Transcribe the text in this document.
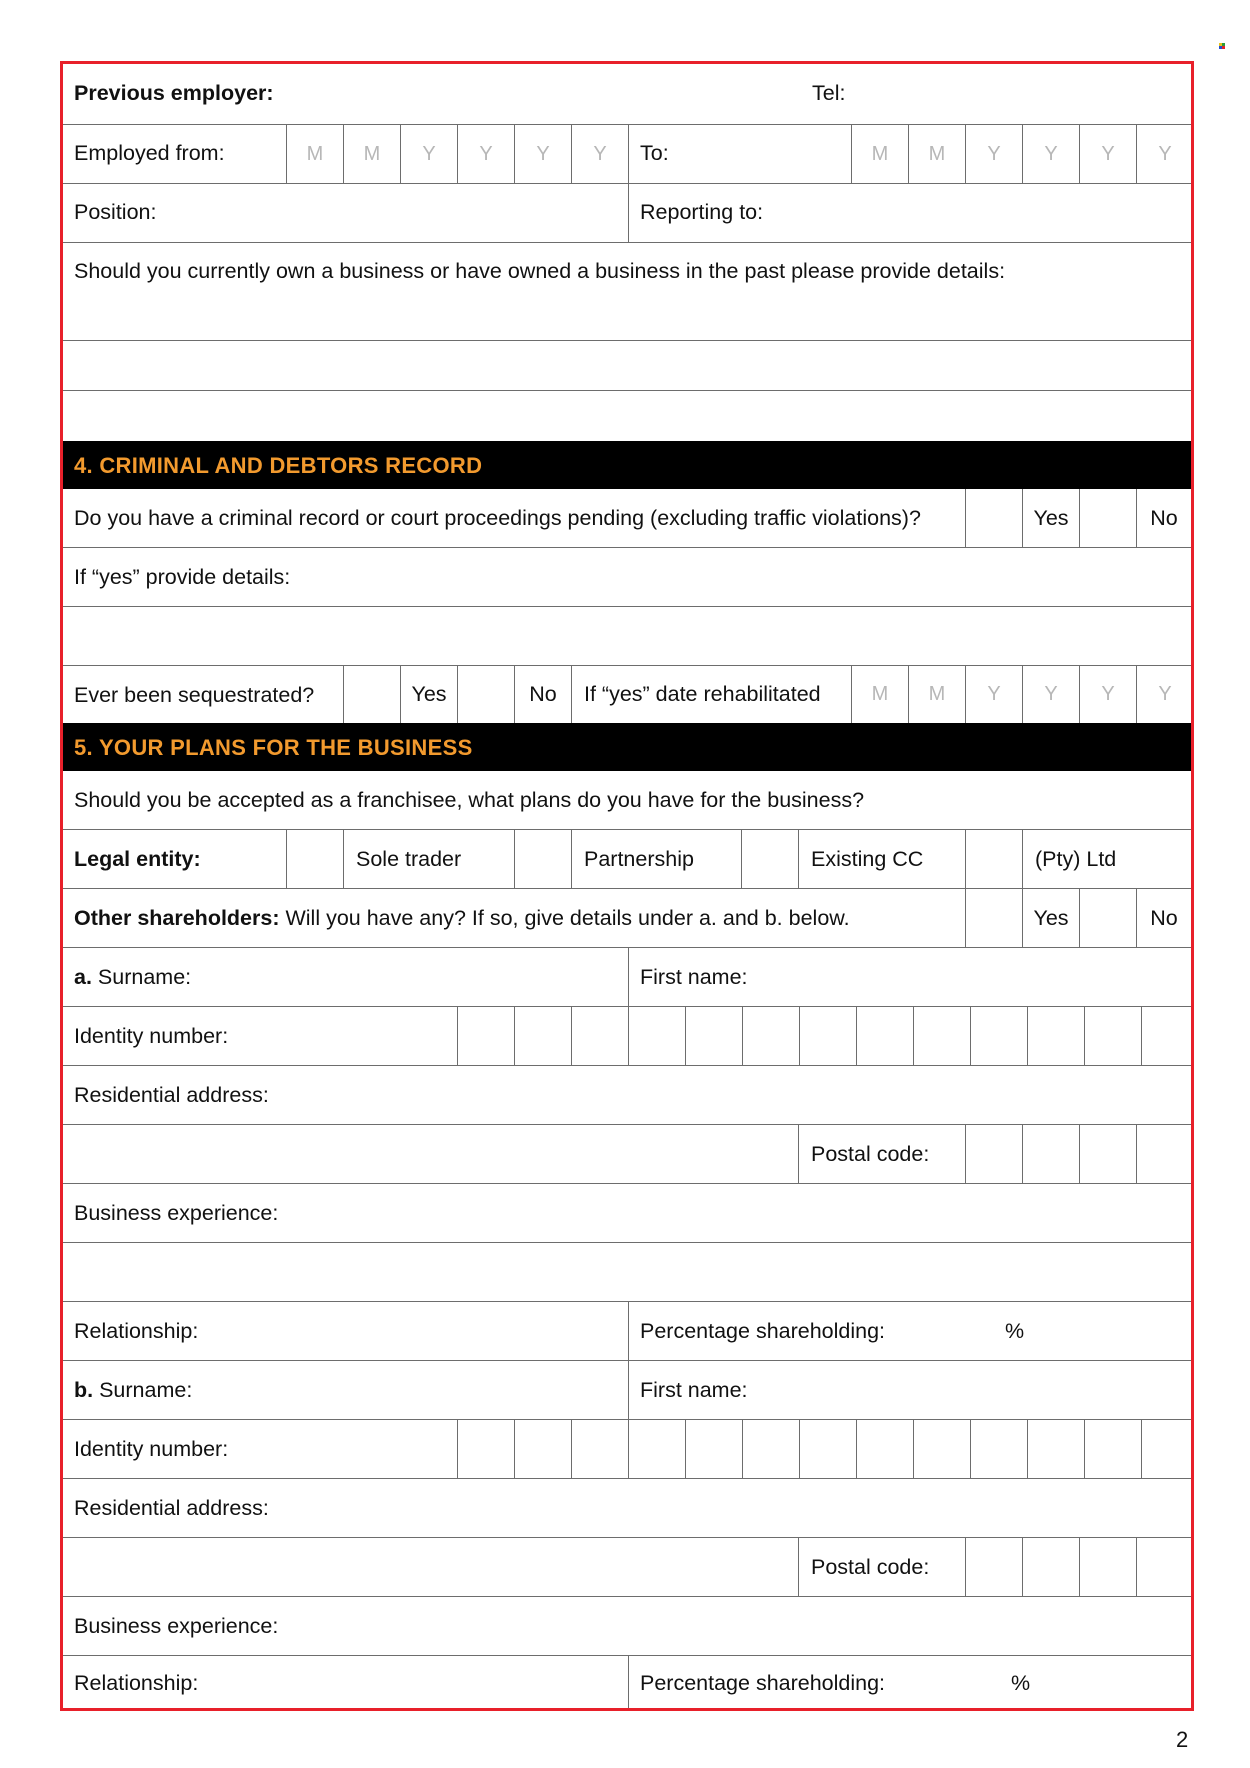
Previous employer:	Tel:
Employed from:	M	M	Y	Y	Y	Y	To:	M	M	Y	Y	Y	Y
Position:	Reporting to:
Should you currently own a business or have owned a business in the past please provide details:
4. CRIMINAL AND DEBTORS RECORD
Do you have a criminal record or court proceedings pending (excluding traffic violations)?	Yes	No
If “yes” provide details:
Ever been sequestrated?	Yes	No	If “yes” date rehabilitated	M	M	Y	Y	Y	Y
5. YOUR PLANS FOR THE BUSINESS
Should you be accepted as a franchisee, what plans do you have for the business?
Legal entity:	Sole trader	Partnership	Existing CC	(Pty) Ltd
Other shareholders: Will you have any? If so, give details under a. and b. below.	Yes	No
a. Surname:	First name:
Identity number:
Residential address:
Postal code:
Business experience:
Relationship:	Percentage shareholding:	%
b. Surname:	First name:
Identity number:
Residential address:
Postal code:
Business experience:
Relationship:	Percentage shareholding:	%
2
